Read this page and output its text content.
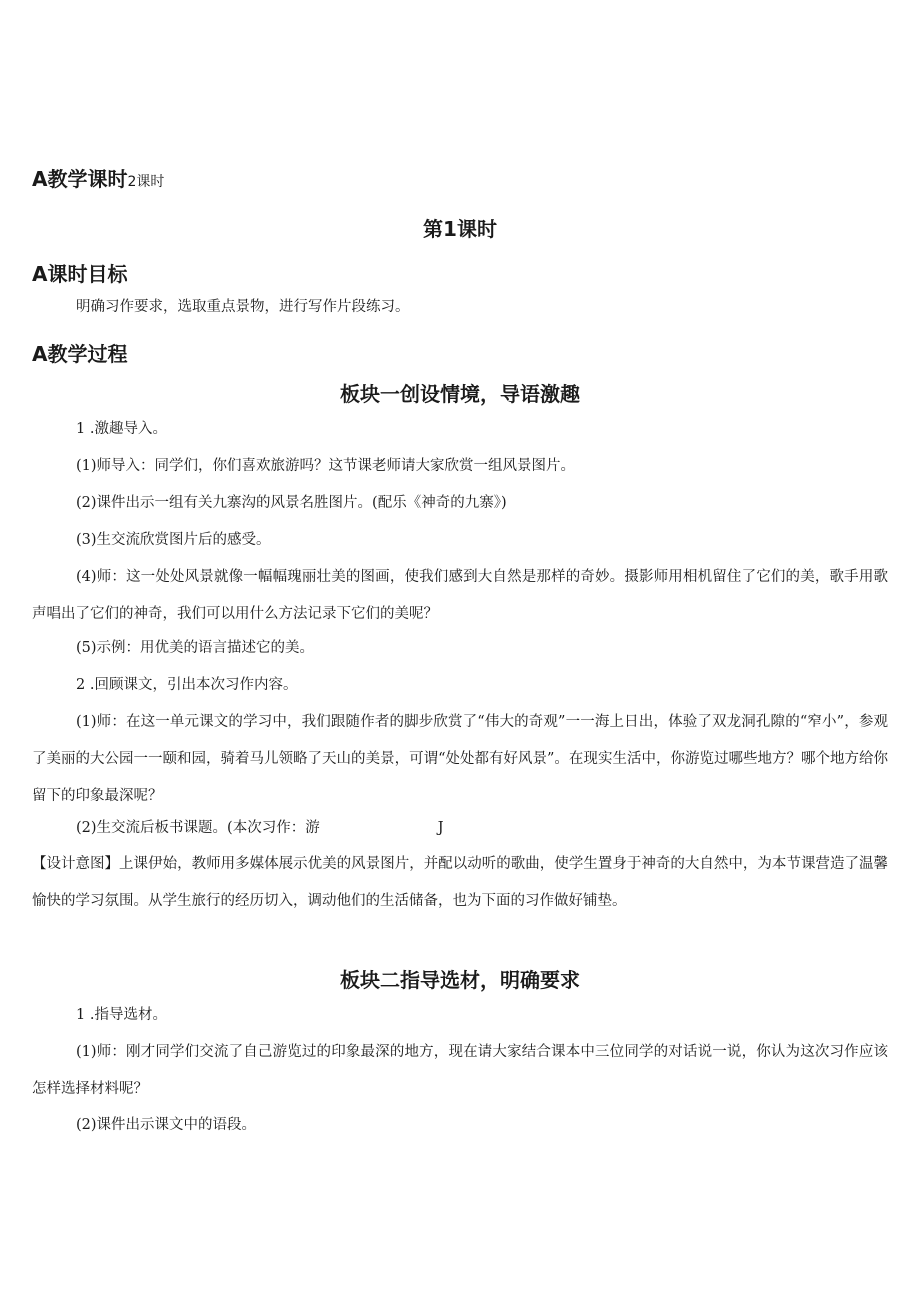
A教学课时2课时
第1课时
A课时目标

明确习作要求，选取重点景物，进行写作片段练习。

A教学过程
板块一创设情境，导语激趣

1 .激趣导入。

(1)师导入：同学们，你们喜欢旅游吗？这节课老师请大家欣赏一组风景图片。

(2)课件出示一组有关九寨沟的风景名胜图片。(配乐《神奇的九寨》)

(3)生交流欣赏图片后的感受。

(4)师：这一处处风景就像一幅幅瑰丽壮美的图画，使我们感到大自然是那样的奇妙。摄影师用相机留住了它们的美，歌手用歌声唱出了它们的神奇，我们可以用什么方法记录下它们的美呢？

(5)示例：用优美的语言描述它的美。

2 .回顾课文，引出本次习作内容。

(1)师：在这一单元课文的学习中，我们跟随作者的脚步欣赏了“伟大的奇观”一一海上日出，体验了双龙洞孔隙的“窄小”，参观了美丽的大公园一一颐和园，骑着马儿领略了天山的美景，可谓“处处都有好风景”。在现实生活中，你游览过哪些地方？哪个地方给你留下的印象最深呢？

(2)生交流后板书课题。(本次习作：游	J

【设计意图】上课伊始，教师用多媒体展示优美的风景图片，并配以动听的歌曲，使学生置身于神奇的大自然中，为本节课营造了温馨愉快的学习氛围。从学生旅行的经历切入，调动他们的生活储备，也为下面的习作做好铺垫。

板块二指导选材，明确要求

1 .指导选材。

(1)师：刚才同学们交流了自己游览过的印象最深的地方，现在请大家结合课本中三位同学的对话说一说，你认为这次习作应该怎样选择材料呢？

(2)课件出示课文中的语段。
